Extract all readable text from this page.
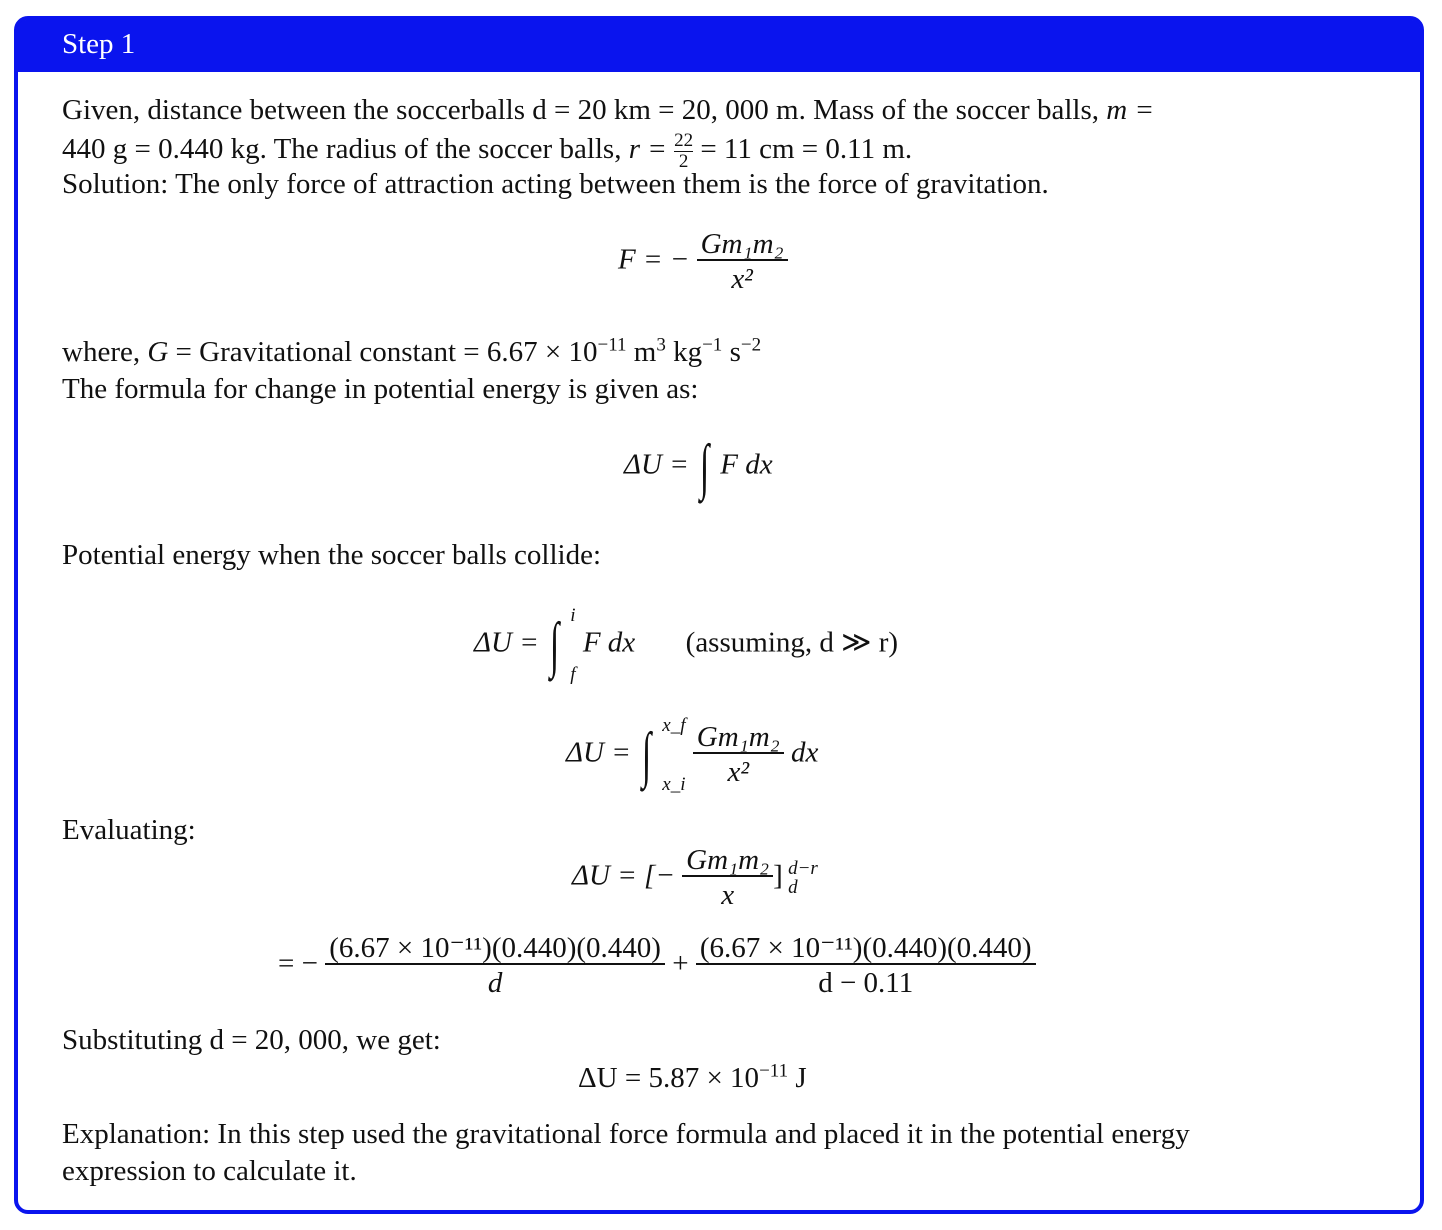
Step 1
Given, distance between the soccerballs d = 20 km = 20, 000 m. Mass of the soccer balls, m =
440 g = 0.440 kg. The radius of the soccer balls, $r = \frac{22}{2} = 11$ cm = 0.11 m.
Solution: The only force of attraction acting between them is the force of gravitation.
F = − $\frac{\text{Gm₁m₂}}{\text{x²}}$
where, G = Gravitational constant = $6.67 \times 10^{-11}$ $m^3$ $kg^{-1}$ $s^{-2}$
The formula for change in potential energy is given as:
ΔU = ∫ F dx
Potential energy when the soccer balls collide:
ΔU = ∫ i
f
F dx (assuming, d ≫ r)
ΔU = ∫ x_f
x_i
$\frac{\text{Gm₁m₂}}{\text{x²}}$ dx
Evaluating:
ΔU = [− $\frac{\text{Gm₁m₂}}{x}$ ] d−r
d
= − $\frac{\text{(6.67 × 10⁻¹¹)(0.440)(0.440)}}{d} + \frac{\text{(6.67 × 10⁻¹¹)(0.440)(0.440)}}{d - 0.11}$
Substituting d = 20, 000, we get:
$\Delta U = 5.87 \times 10^{-11}$ J
Explanation: In this step used the gravitational force formula and placed it in the potential energy
expression to calculate it.
